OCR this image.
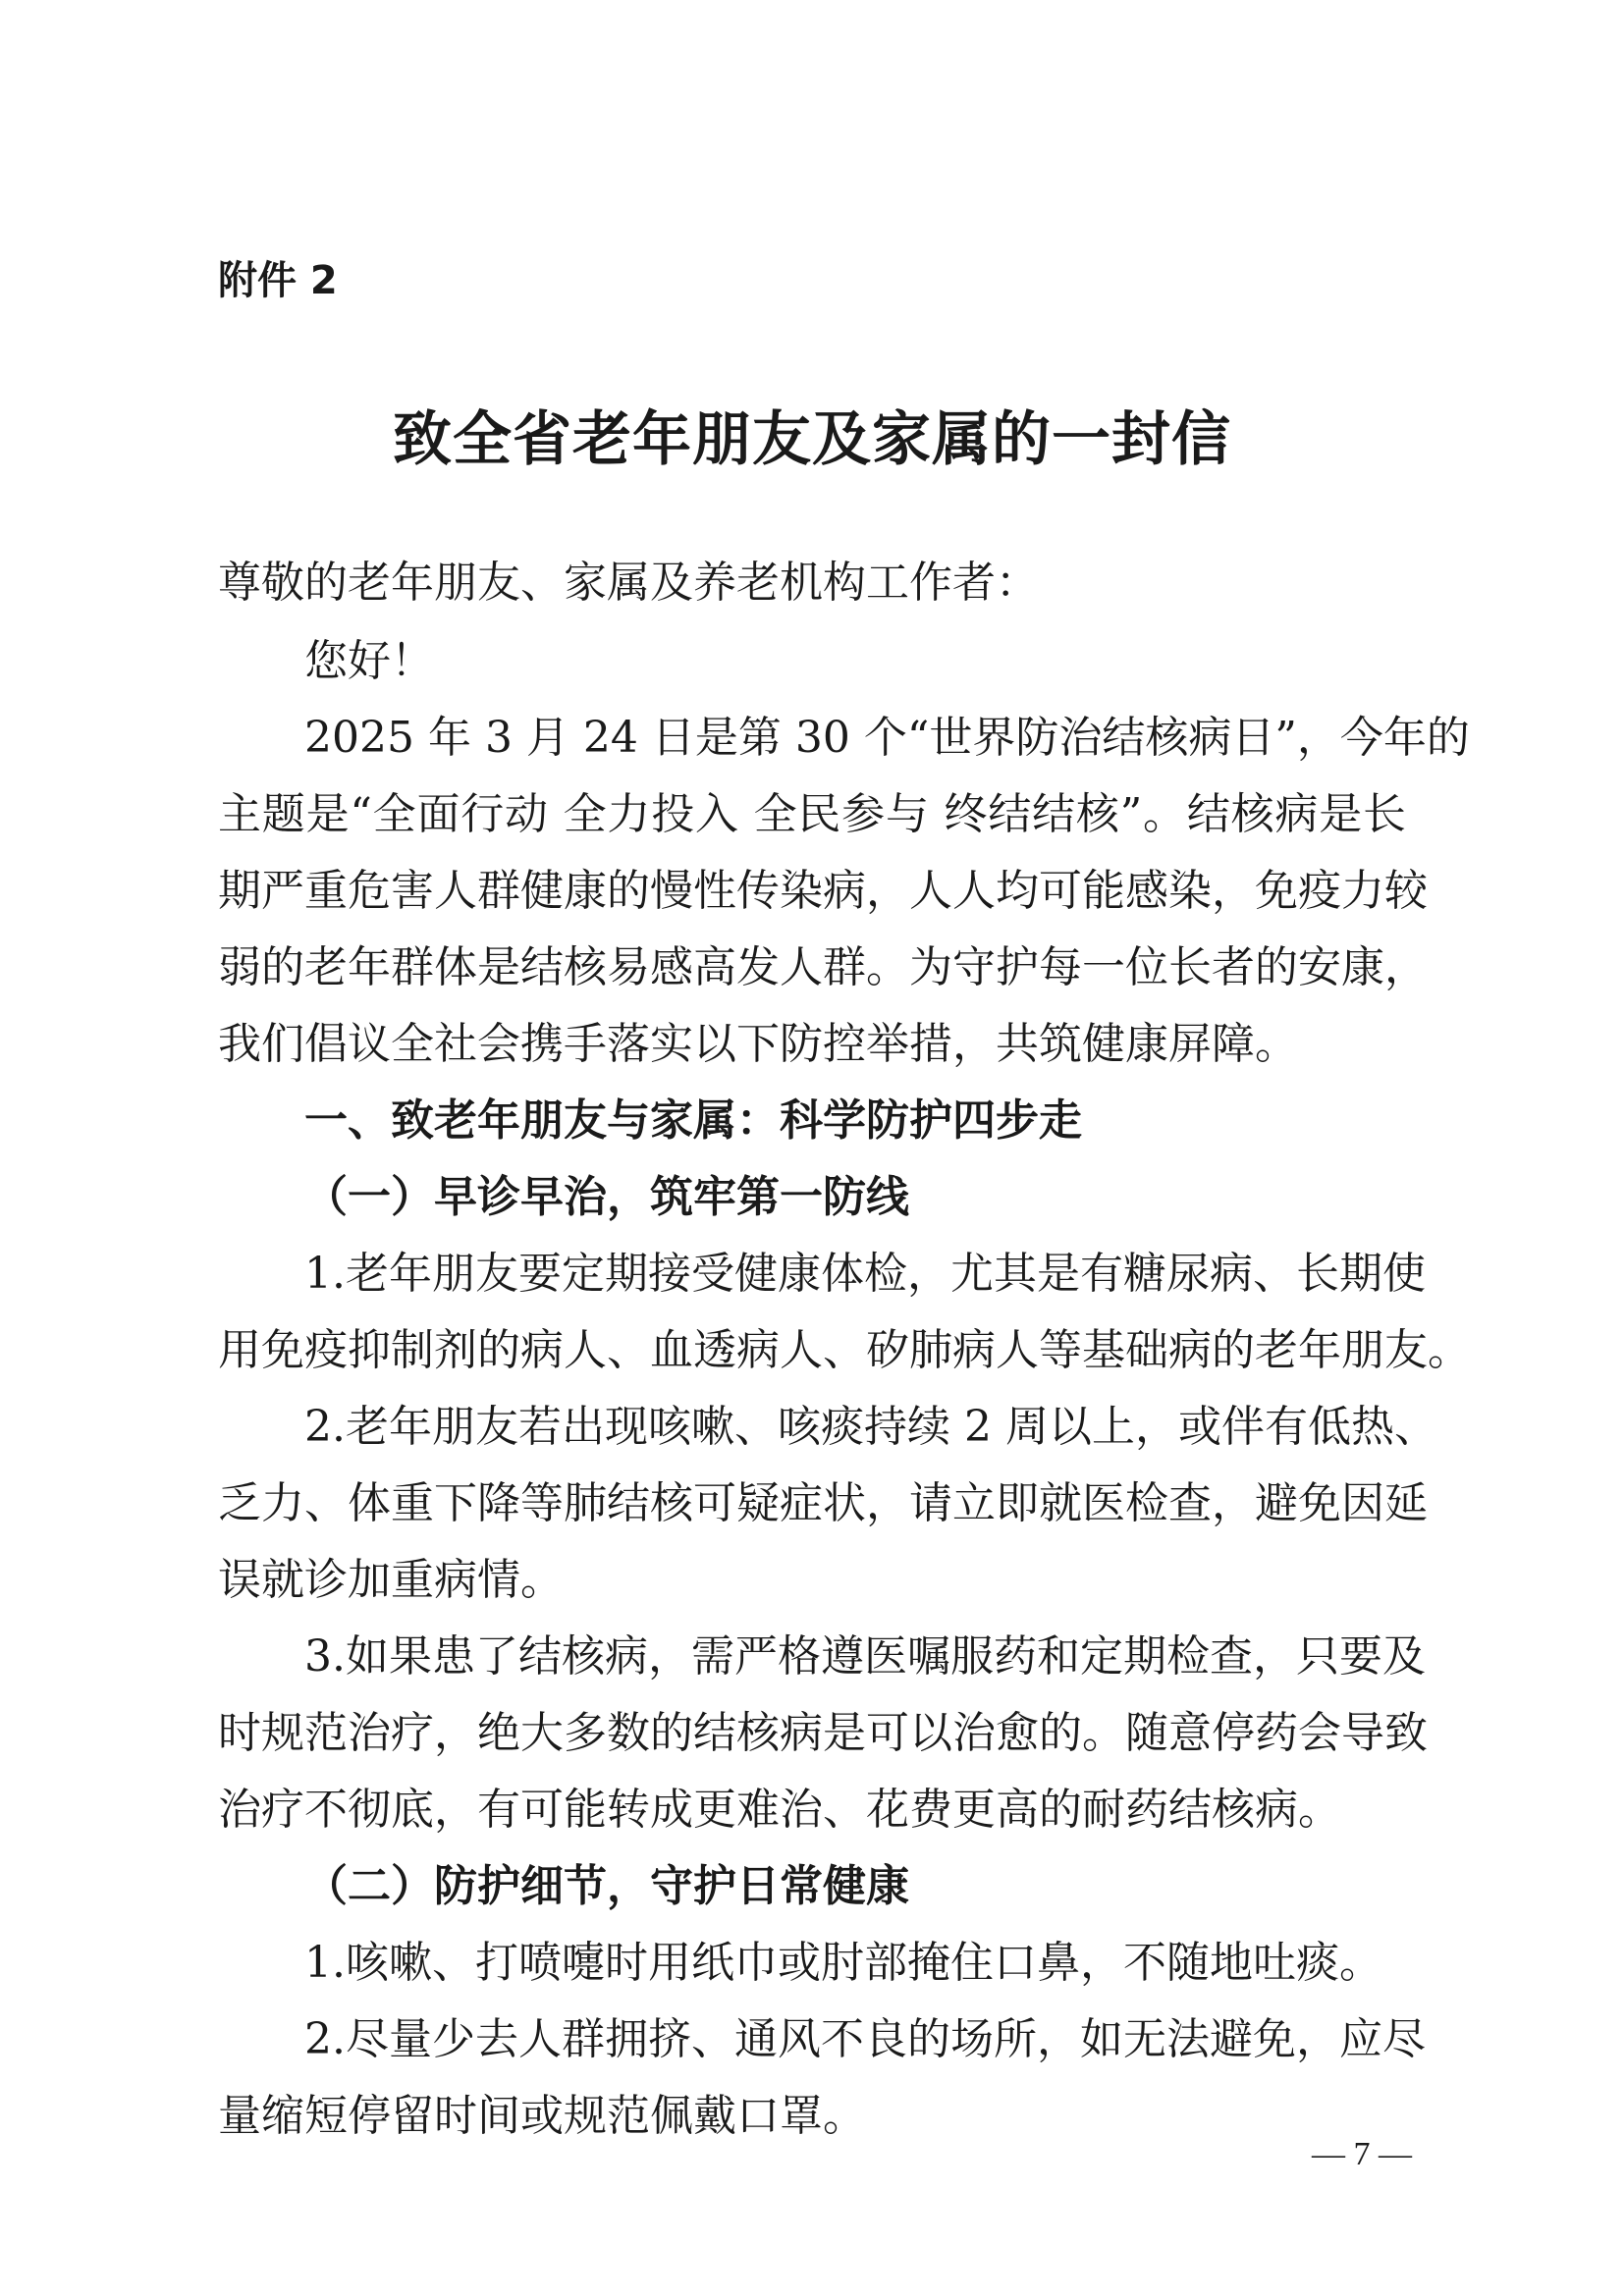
附件 2
致全省老年朋友及家属的一封信
尊敬的老年朋友、家属及养老机构工作者：
您好！
2025 年 3 月 24 日是第 30 个“世界防治结核病日”，今年的
主题是“全面行动 全力投入 全民参与 终结结核”。结核病是长
期严重危害人群健康的慢性传染病，人人均可能感染，免疫力较
弱的老年群体是结核易感高发人群。为守护每一位长者的安康，
我们倡议全社会携手落实以下防控举措，共筑健康屏障。
一、致老年朋友与家属：科学防护四步走
（一）早诊早治，筑牢第一防线
1.老年朋友要定期接受健康体检，尤其是有糖尿病、长期使
用免疫抑制剂的病人、血透病人、矽肺病人等基础病的老年朋友。
2.老年朋友若出现咳嗽、咳痰持续 2 周以上，或伴有低热、
乏力、体重下降等肺结核可疑症状，请立即就医检查，避免因延
误就诊加重病情。
3.如果患了结核病，需严格遵医嘱服药和定期检查，只要及
时规范治疗，绝大多数的结核病是可以治愈的。随意停药会导致
治疗不彻底，有可能转成更难治、花费更高的耐药结核病。
（二）防护细节，守护日常健康
1.咳嗽、打喷嚏时用纸巾或肘部掩住口鼻，不随地吐痰。
2.尽量少去人群拥挤、通风不良的场所，如无法避免，应尽
量缩短停留时间或规范佩戴口罩。
— 7 —
